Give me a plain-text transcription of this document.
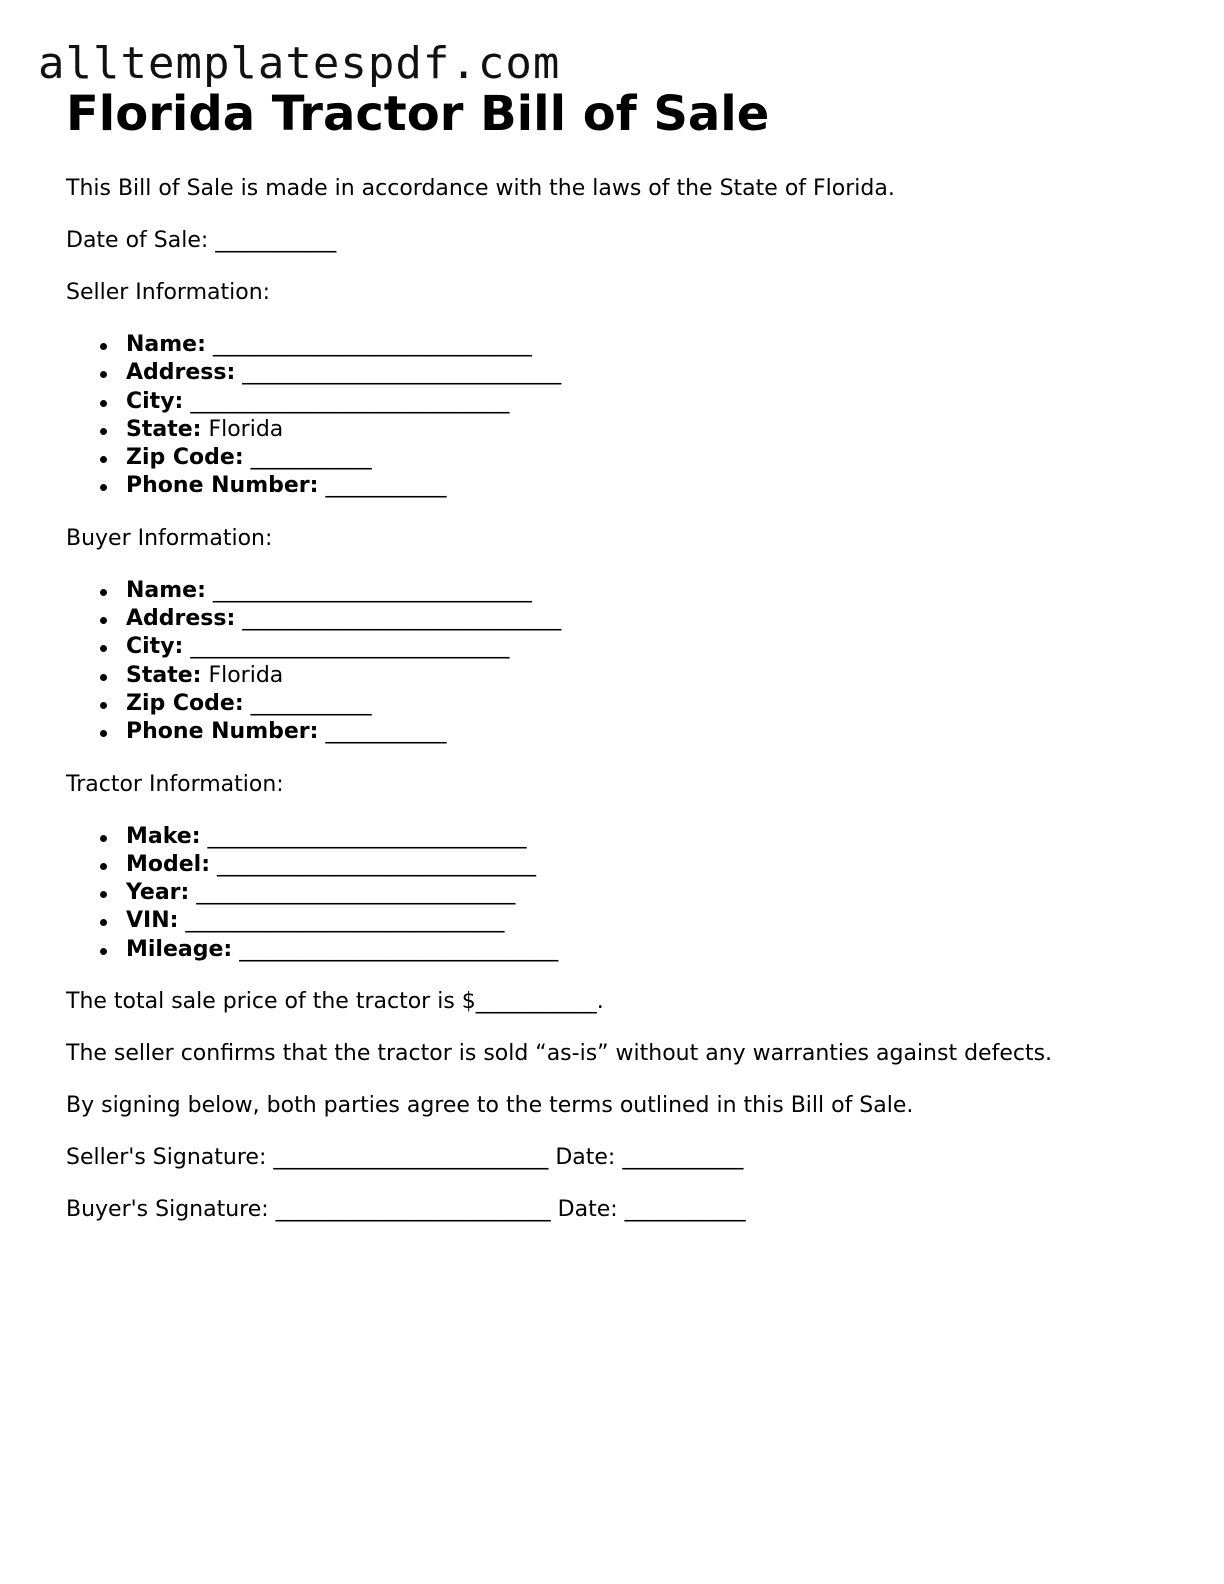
alltemplatespdf.com
Florida Tractor Bill of Sale

This Bill of Sale is made in accordance with the laws of the State of Florida.

Date of Sale: ___________

Seller Information:

Name: _____________________________
Address: _____________________________
City: _____________________________
State: Florida
Zip Code: ___________
Phone Number: ___________

Buyer Information:

Name: _____________________________
Address: _____________________________
City: _____________________________
State: Florida
Zip Code: ___________
Phone Number: ___________

Tractor Information:

Make: _____________________________
Model: _____________________________
Year: _____________________________
VIN: _____________________________
Mileage: _____________________________

The total sale price of the tractor is $___________.

The seller confirms that the tractor is sold “as-is” without any warranties against defects.

By signing below, both parties agree to the terms outlined in this Bill of Sale.

Seller's Signature: _________________________ Date: ___________

Buyer's Signature: _________________________ Date: ___________
